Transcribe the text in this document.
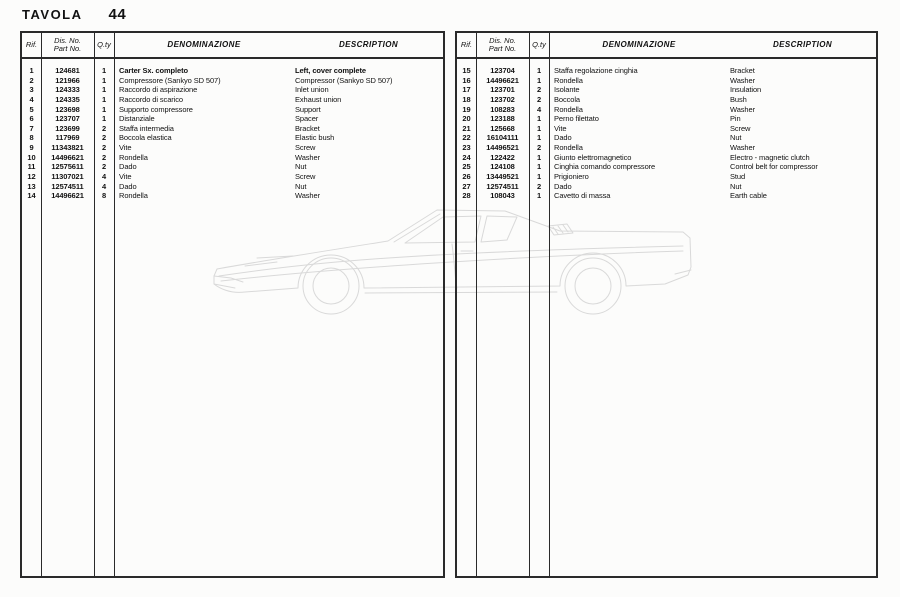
TAVOLA 44
Rif.	Dis. No.
Part No.	Q.ty	DENOMINAZIONE	DESCRIPTION
1	124681	1	Carter Sx. completo	Left, cover complete
2	121966	1	Compressore (Sankyo SD 507)	Compressor (Sankyo SD 507)
3	124333	1	Raccordo di aspirazione	Inlet union
4	124335	1	Raccordo di scarico	Exhaust union
5	123698	1	Supporto compressore	Support
6	123707	1	Distanziale	Spacer
7	123699	2	Staffa intermedia	Bracket
8	117969	2	Boccola elastica	Elastic bush
9	11343821	2	Vite	Screw
10	14496621	2	Rondella	Washer
11	12575611	2	Dado	Nut
12	11307021	4	Vite	Screw
13	12574511	4	Dado	Nut
14	14496621	8	Rondella	Washer
Rif.	Dis. No.
Part No.	Q.ty	DENOMINAZIONE	DESCRIPTION
15	123704	1	Staffa regolazione cinghia	Bracket
16	14496621	1	Rondella	Washer
17	123701	2	Isolante	Insulation
18	123702	2	Boccola	Bush
19	108283	4	Rondella	Washer
20	123188	1	Perno filettato	Pin
21	125668	1	Vite	Screw
22	16104111	1	Dado	Nut
23	14496521	2	Rondella	Washer
24	122422	1	Giunto elettromagnetico	Electro - magnetic clutch
25	124108	1	Cinghia comando compressore	Control belt for compressor
26	13449521	1	Prigioniero	Stud
27	12574511	2	Dado	Nut
28	108043	1	Cavetto di massa	Earth cable
